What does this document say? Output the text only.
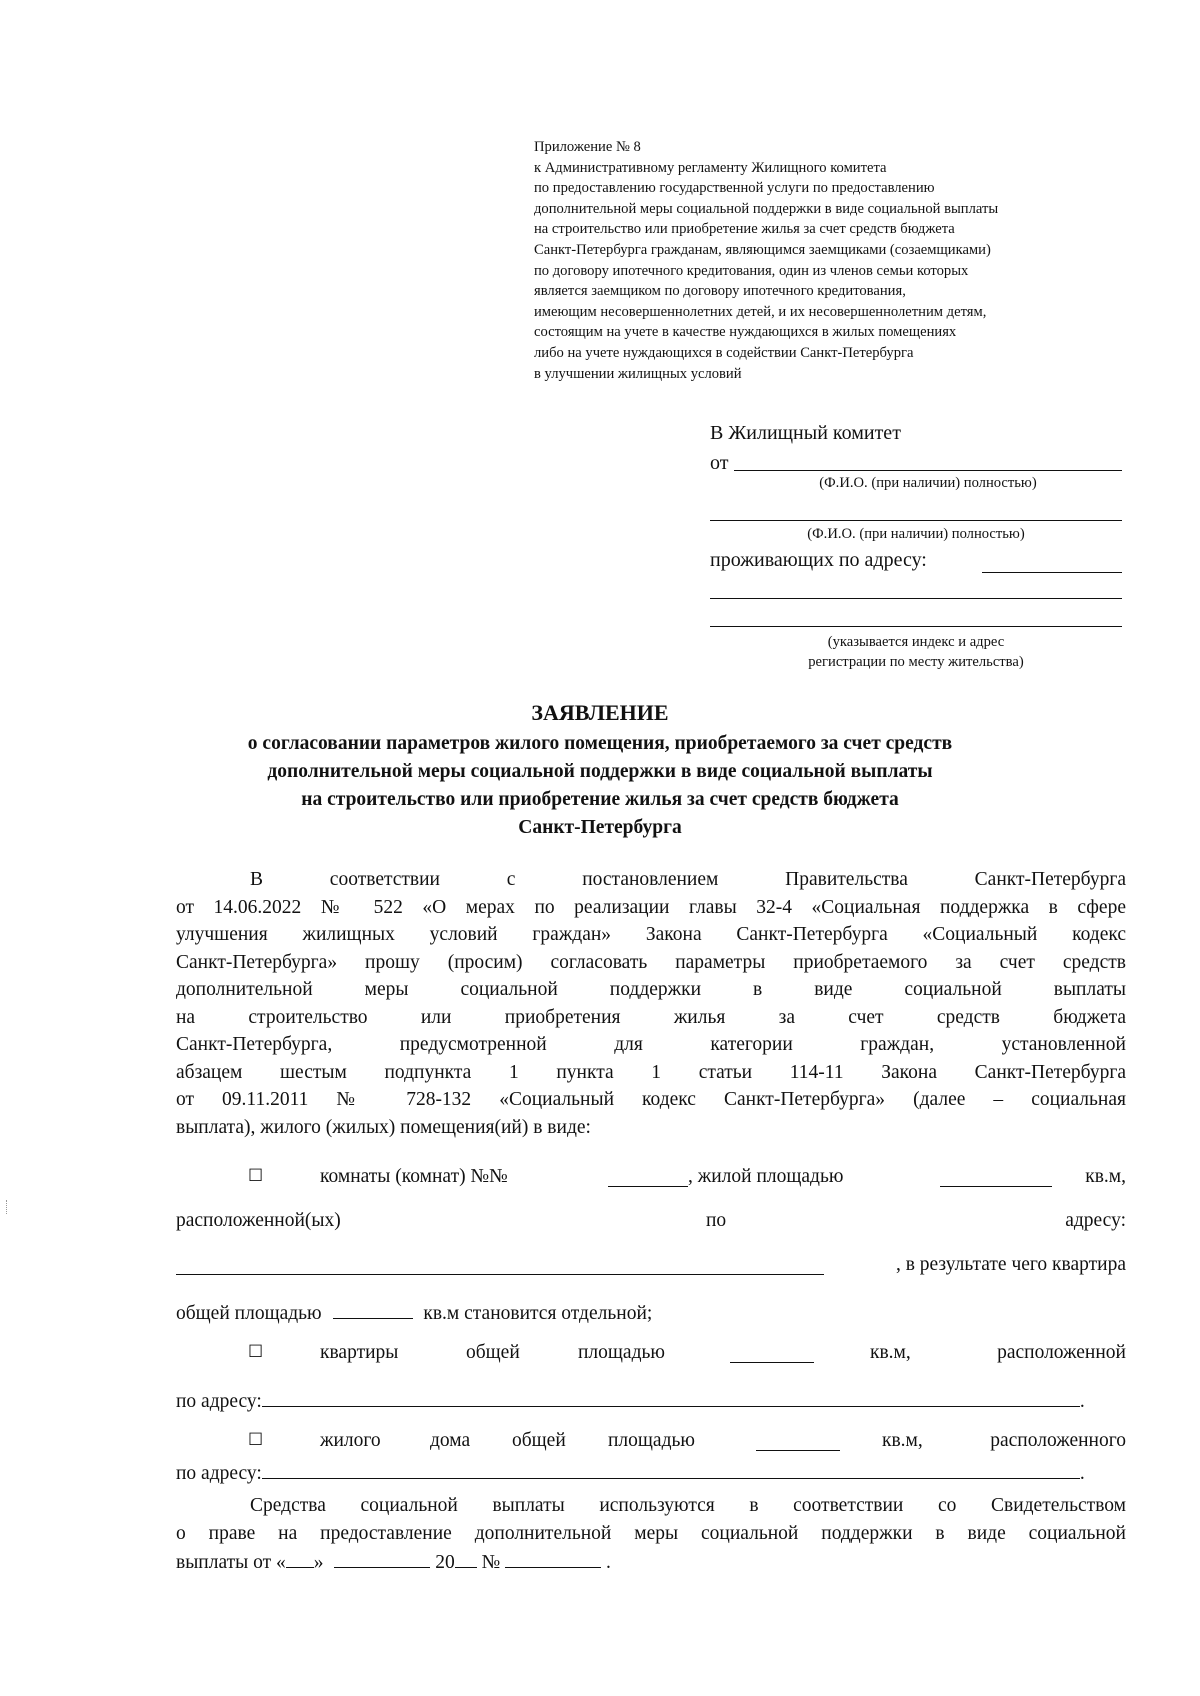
Приложение № 8
к Административному регламенту Жилищного комитета
по предоставлению государственной услуги по предоставлению
дополнительной меры социальной поддержки в виде социальной выплаты
на строительство или приобретение жилья за счет средств бюджета
Санкт-Петербурга гражданам, являющимся заемщиками (созаемщиками)
по договору ипотечного кредитования, один из членов семьи которых
является заемщиком по договору ипотечного кредитования,
имеющим несовершеннолетних детей, и их несовершеннолетним детям,
состоящим на учете в качестве нуждающихся в жилых помещениях
либо на учете нуждающихся в содействии Санкт-Петербурга
в улучшении жилищных условий
В Жилищный комитет
от
(Ф.И.О. (при наличии) полностью)
(Ф.И.О. (при наличии) полностью)
проживающих по адресу:
(указывается индекс и адрес
регистрации по месту жительства)
ЗАЯВЛЕНИЕ
о согласовании параметров жилого помещения, приобретаемого за счет средств
дополнительной меры социальной поддержки в виде социальной выплаты
на строительство или приобретение жилья за счет средств бюджета
Санкт-Петербурга
В соответствии с постановлением Правительства Санкт-Петербурга
от 14.06.2022 № 522 «О мерах по реализации главы 32-4 «Социальная поддержка в сфере
улучшения жилищных условий граждан» Закона Санкт-Петербурга «Социальный кодекс
Санкт-Петербурга» прошу (просим) согласовать параметры приобретаемого за счет средств
дополнительной меры социальной поддержки в виде социальной выплаты
на строительство или приобретения жилья за счет средств бюджета
Санкт-Петербурга, предусмотренной для категории граждан, установленной
абзацем шестым подпункта 1 пункта 1 статьи 114-11 Закона Санкт-Петербурга
от 09.11.2011 № 728-132 «Социальный кодекс Санкт-Петербурга» (далее – социальная
выплата), жилого (жилых) помещения(ий) в виде:
☐	комнаты (комнат) №№	, жилой площадью	кв.м,
расположенной(ых)	по	адресу:
, в результате чего квартира
общей площадью	кв.м становится отдельной;
☐	квартиры	общей	площадью	кв.м,	расположенной
по адресу:	.
☐	жилого	дома общей площадью	кв.м,	расположенного
по адресу:	.
Средства социальной выплаты используются в соответствии со Свидетельством
о праве на предоставление дополнительной меры социальной поддержки в виде социальной
выплаты от « »	20 №	.
